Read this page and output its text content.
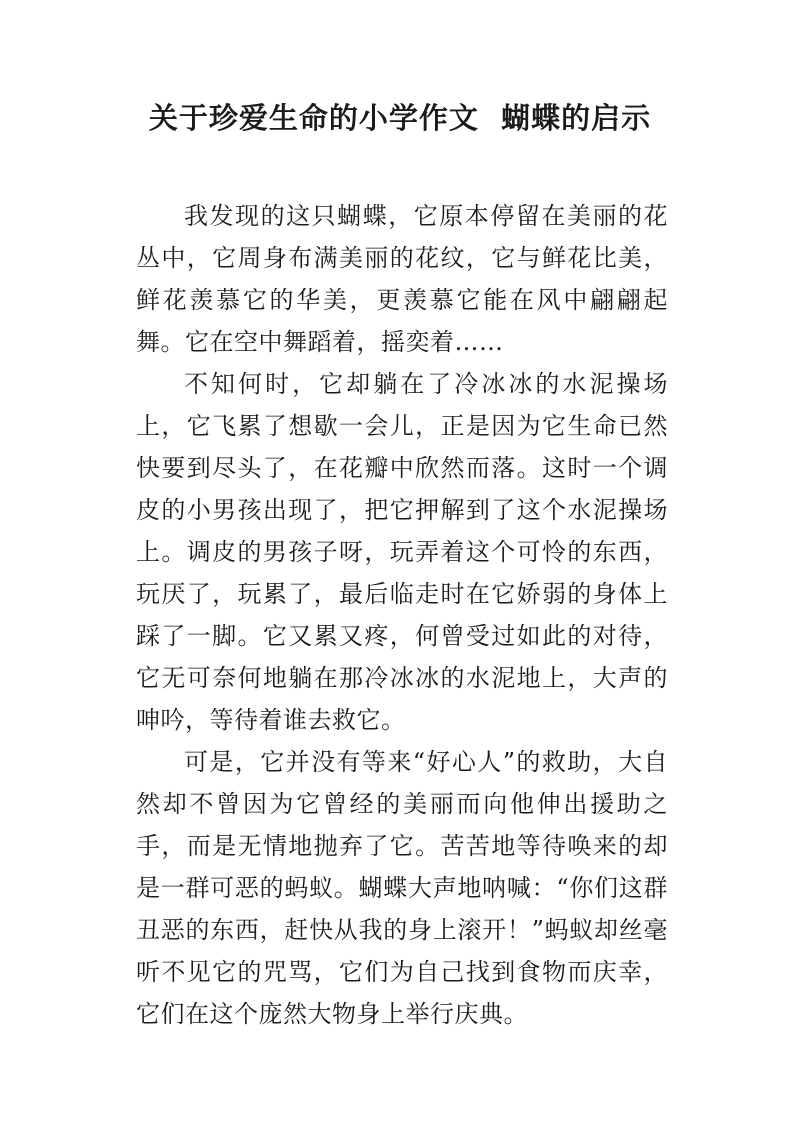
关于珍爱生命的小学作文  蝴蝶的启示

我发现的这只蝴蝶，它原本停留在美丽的花丛中，它周身布满美丽的花纹，它与鲜花比美，鲜花羡慕它的华美，更羡慕它能在风中翩翩起舞。它在空中舞蹈着，摇奕着……

不知何时，它却躺在了冷冰冰的水泥操场上，它飞累了想歇一会儿，正是因为它生命已然快要到尽头了，在花瓣中欣然而落。这时一个调皮的小男孩出现了，把它押解到了这个水泥操场上。调皮的男孩子呀，玩弄着这个可怜的东西，玩厌了，玩累了，最后临走时在它娇弱的身体上踩了一脚。它又累又疼，何曾受过如此的对待，它无可奈何地躺在那冷冰冰的水泥地上，大声的呻吟，等待着谁去救它。

可是，它并没有等来“好心人”的救助，大自然却不曾因为它曾经的美丽而向他伸出援助之手，而是无情地抛弃了它。苦苦地等待唤来的却是一群可恶的蚂蚁。蝴蝶大声地呐喊：“你们这群丑恶的东西，赶快从我的身上滚开！”蚂蚁却丝毫听不见它的咒骂，它们为自己找到食物而庆幸，它们在这个庞然大物身上举行庆典。
